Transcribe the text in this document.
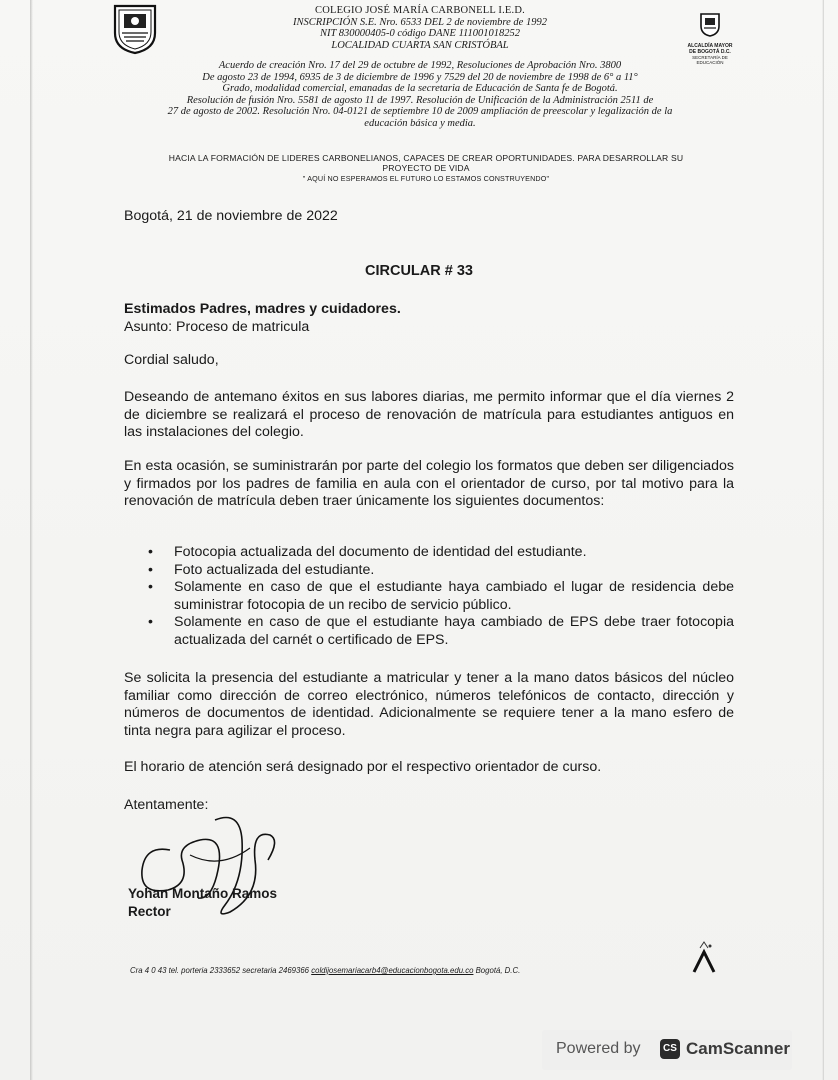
COLEGIO JOSÉ MARÍA CARBONELL I.E.D.
INSCRIPCIÓN S.E. Nro. 6533 DEL 2 de noviembre de 1992
NIT 830000405-0 código DANE 111001018252
LOCALIDAD CUARTA SAN CRISTÓBAL
Acuerdo de creación Nro. 17 del 29 de octubre de 1992, Resoluciones de Aprobación Nro. 3800
De agosto 23 de 1994, 6935 de 3 de diciembre de 1996 y 7529 del 20 de noviembre de 1998 de 6° a 11°
Grado, modalidad comercial, emanadas de la secretaria de Educación de Santa fe de Bogotá.
Resolución de fusión Nro. 5581 de agosto 11 de 1997. Resolución de Unificación de la Administración 2511 de
27 de agosto de 2002. Resolución Nro. 04-0121 de septiembre 10 de 2009 ampliación de preescolar y legalización de la
educación básica y media.
ALCALDÍA MAYOR DE BOGOTÁ D.C.
SECRETARÍA DE EDUCACIÓN
HACIA LA FORMACIÓN DE LIDERES CARBONELIANOS, CAPACES DE CREAR OPORTUNIDADES. PARA DESARROLLAR SU
PROYECTO DE VIDA
" AQUÍ NO ESPERAMOS EL FUTURO LO ESTAMOS CONSTRUYENDO"
Bogotá, 21 de noviembre de 2022
CIRCULAR # 33
Estimados Padres, madres y cuidadores.
Asunto: Proceso de matricula
Cordial saludo,
Deseando de antemano éxitos en sus labores diarias, me permito informar que el día viernes 2 de diciembre se realizará el proceso de renovación de matrícula para estudiantes antiguos en las instalaciones del colegio.
En esta ocasión, se suministrarán por parte del colegio los formatos que deben ser diligenciados y firmados por los padres de familia en aula con el orientador de curso, por tal motivo para la renovación de matrícula deben traer únicamente los siguientes documentos:
• Fotocopia actualizada del documento de identidad del estudiante.
• Foto actualizada del estudiante.
• Solamente en caso de que el estudiante haya cambiado el lugar de residencia debe suministrar fotocopia de un recibo de servicio público.
• Solamente en caso de que el estudiante haya cambiado de EPS debe traer fotocopia actualizada del carnét o certificado de EPS.
Se solicita la presencia del estudiante a matricular y tener a la mano datos básicos del núcleo familiar como dirección de correo electrónico, números telefónicos de contacto, dirección y números de documentos de identidad. Adicionalmente se requiere tener a la mano esfero de tinta negra para agilizar el proceso.
El horario de atención será designado por el respectivo orientador de curso.
Atentamente:
Yohan Montaño Ramos
Rector
Cra 4 0 43 tel. porteria 2333652 secretaria 2469366 coldijosemariacarb4@educacionbogota.edu.co Bogotá, D.C.
Powered by	CS CamScanner
